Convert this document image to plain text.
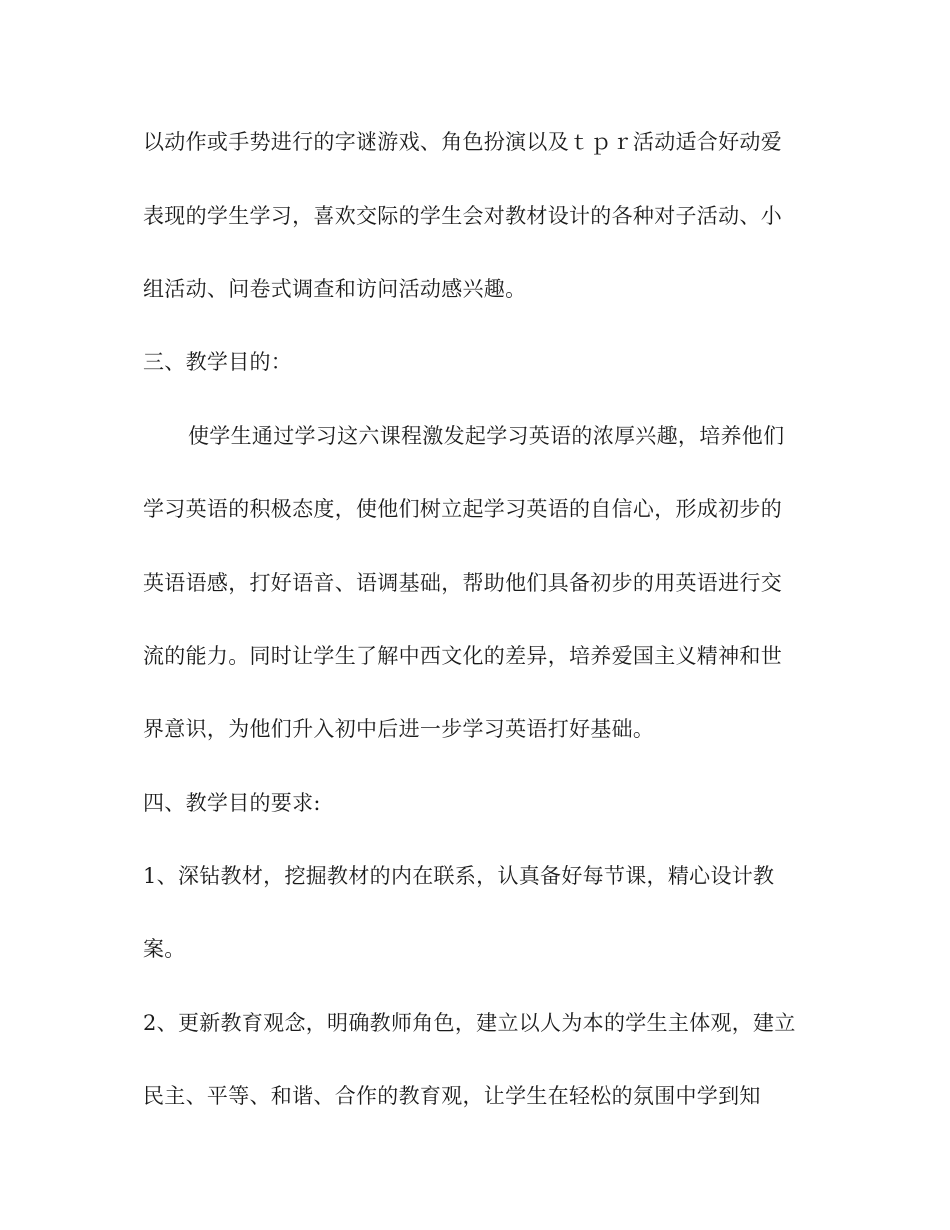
以动作或手势进行的字谜游戏、角色扮演以及ｔｐｒ活动适合好动爱
表现的学生学习，喜欢交际的学生会对教材设计的各种对子活动、小
组活动、问卷式调查和访问活动感兴趣。
三、教学目的：
使学生通过学习这六课程激发起学习英语的浓厚兴趣，培养他们
学习英语的积极态度，使他们树立起学习英语的自信心，形成初步的
英语语感，打好语音、语调基础，帮助他们具备初步的用英语进行交
流的能力。同时让学生了解中西文化的差异，培养爱国主义精神和世
界意识，为他们升入初中后进一步学习英语打好基础。
四、教学目的要求:
1、深钻教材，挖掘教材的内在联系，认真备好每节课，精心设计教
案。
2、更新教育观念，明确教师角色，建立以人为本的学生主体观，建立
民主、平等、和谐、合作的教育观，让学生在轻松的氛围中学到知
